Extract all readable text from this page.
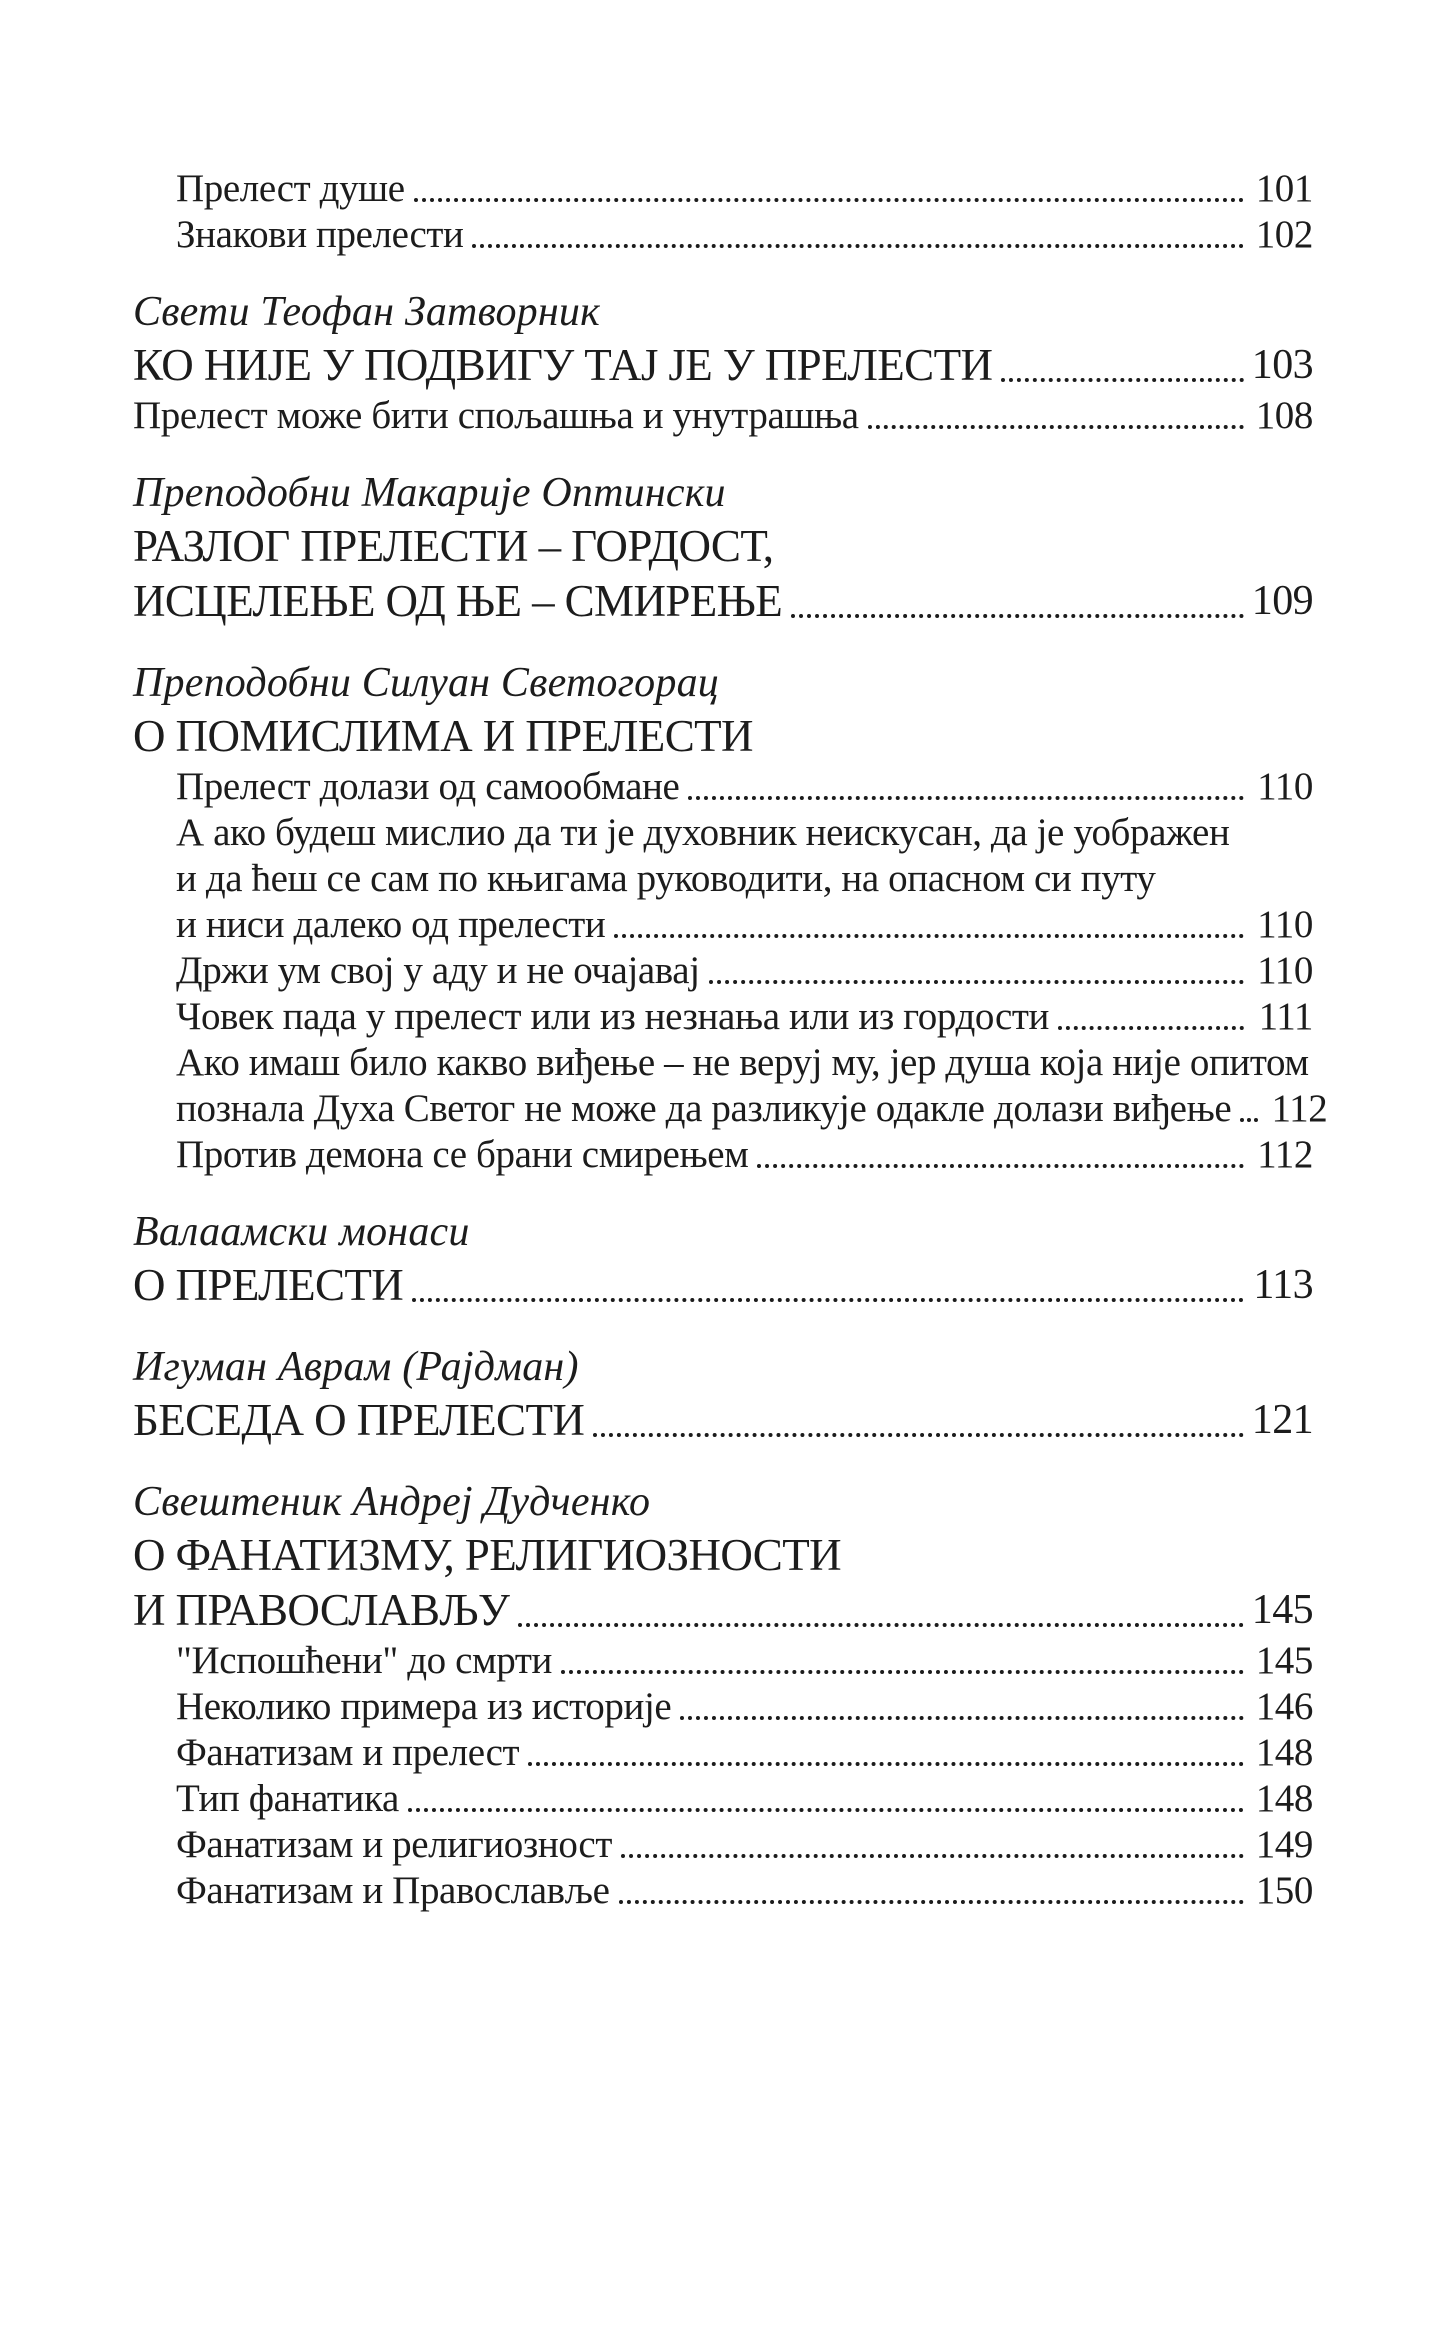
Прелест душе	101
Знакови прелести	102
Свети Теофан Затворник
КО НИЈЕ У ПОДВИГУ ТАЈ ЈЕ У ПРЕЛЕСТИ	103
Прелест може бити спољашња и унутрашња	108
Преподобни Макарије Оптински
РАЗЛОГ ПРЕЛЕСТИ – ГОРДОСТ,
ИСЦЕЛЕЊЕ ОД ЊЕ – СМИРЕЊЕ	109
Преподобни Силуан Светогорац
О ПОМИСЛИМА И ПРЕЛЕСТИ
Прелест долази од самообмане	110
А ако будеш мислио да ти је духовник неискусан, да је уображен
и да ћеш се сам по књигама руководити, на опасном си путу
и ниси далеко од прелести	110
Држи ум свој у аду и не очајавај	110
Човек пада у прелест или из незнања или из гордости	111
Ако имаш било какво виђење – не веруј му, јер душа која није опитом
познала Духа Светог не може да разликује одакле долази виђење 112
Против демона се брани смирењем	112
Валаамски монаси
О ПРЕЛЕСТИ	113
Игуман Аврам (Рајдман)
БЕСЕДА О ПРЕЛЕСТИ	121
Свештеник Андреј Дудченко
О ФАНАТИЗМУ, РЕЛИГИОЗНОСТИ
И ПРАВОСЛАВЉУ	145
"Испошћени" до смрти	145
Неколико примера из историје	146
Фанатизам и прелест	148
Тип фанатика	148
Фанатизам и религиозност	149
Фанатизам и Православље	150
